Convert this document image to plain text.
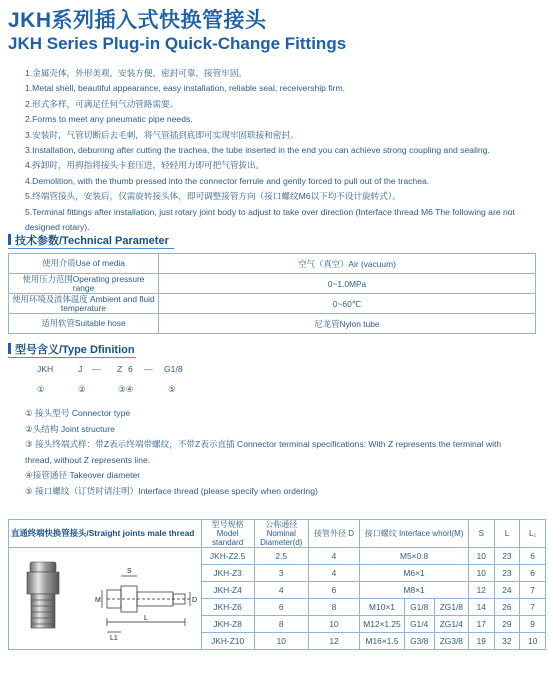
JKH系列插入式快换管接头
JKH Series Plug-in Quick-Change Fittings
1.金属壳体，外形美观，安装方便，密封可靠，接管牢固。
1.Metal shell, beautiful appearance, easy installation, reliable seal, receivership firm.
2.形式多样，可满足任何气动管路需要。
2.Forms to meet any pneumatic pipe needs.
3.安装时，气管切断后去毛刺，将气管插到底即可实现牢固联接和密封。
3.Installation, deburring after cutting the trachea, the tube inserted in the end you can achieve strong coupling and sealing.
4.拆卸时，用拇指将接头卡套压进，轻轻用力即可把气管拔出。
4.Demolition, with the thumb pressed into the connector ferrule and gently forced to pull out of the trachea.
5.终端管接头，安装后，仅需旋转接头体，即可调整接管方向（接口螺纹M6以下均不设计旋转式）。
5.Terminal fittings after installation, just rotary joint body to adjust to take over direction (Interface thread M6 The following are not designed rotary).
技术参数/Technical Parameter
使用介质Use of media	空气（真空）Air (vacuum)
使用压力范围Operating pressure range	0~1.0MPa
使用环境及流体温度 Ambient and fluid temperature	0~60℃
适用软管Suitable hose	尼龙管Nylon tube
型号含义/Type Dfinition
JKH	J — Z 6 — G1/8
①	②	③④	⑤
① 接头型号 Connector type
②头结构 Joint structure
③ 接头终端式样：带Z表示终端带螺纹，不带Z表示直插 Connector terminal specifications: With Z represents the terminal with thread, without Z represents line.
④接管通径 Takeover diameter
⑤ 接口螺纹（订货时请注明）Interface thread (please specify when ordering)
直通终端快换管接头/Straight joints male thread	型号规格 Model standard	公称通径 Nominal Diameter(d)	接管外径 D	接口螺纹 Interface whorl(M)			S	L	L₁

S
L
L1
M D	JKH-Z2.5	2.5	4	M5×0.8			10	23	6
	JKH-Z3	3	4	M6×1			10	23	6
	JKH-Z4	4	6	M8×1			12	24	7
	JKH-Z6	6	8	M10×1	G1/8	ZG1/8	14	26	7
	JKH-Z8	8	10	M12×1.25	G1/4	ZG1/4	17	29	9
	JKH-Z10	10	12	M16×1.5	G3/8	ZG3/8	19	32	10
